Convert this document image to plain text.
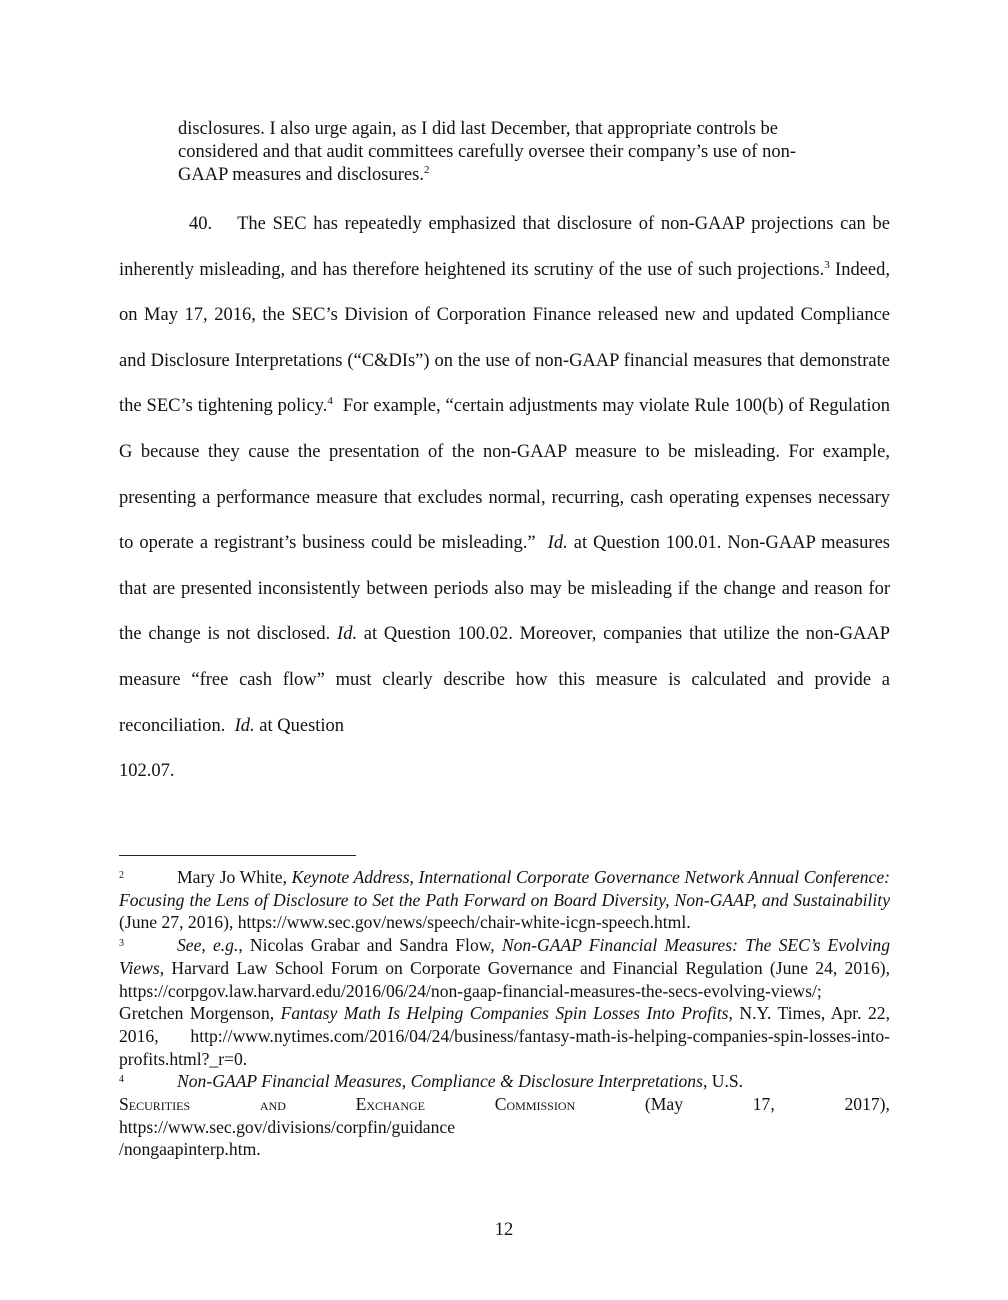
disclosures. I also urge again, as I did last December, that appropriate controls be considered and that audit committees carefully oversee their company’s use of non-GAAP measures and disclosures.$^2$
40. The SEC has repeatedly emphasized that disclosure of non-GAAP projections can be inherently misleading, and has therefore heightened its scrutiny of the use of such projections.$^3$ Indeed, on May 17, 2016, the SEC’s Division of Corporation Finance released new and updated Compliance and Disclosure Interpretations (“C&DIs”) on the use of non-GAAP financial measures that demonstrate the SEC’s tightening policy.$^4$ For example, “certain adjustments may violate Rule 100(b) of Regulation G because they cause the presentation of the non-GAAP measure to be misleading. For example, presenting a performance measure that excludes normal, recurring, cash operating expenses necessary to operate a registrant’s business could be misleading.” Id. at Question 100.01. Non-GAAP measures that are presented inconsistently between periods also may be misleading if the change and reason for the change is not disclosed. Id. at Question 100.02. Moreover, companies that utilize the non-GAAP measure “free cash flow” must clearly describe how this measure is calculated and provide a reconciliation. Id. at Question
102.07.

2	Mary Jo White, Keynote Address, International Corporate Governance Network Annual Conference: Focusing the Lens of Disclosure to Set the Path Forward on Board Diversity, Non-GAAP, and Sustainability (June 27, 2016), https://www.sec.gov/news/speech/chair-white-icgn-speech.html.

3	See, e.g., Nicolas Grabar and Sandra Flow, Non-GAAP Financial Measures: The SEC’s Evolving Views, Harvard Law School Forum on Corporate Governance and Financial Regulation (June 24, 2016), https://corpgov.law.harvard.edu/2016/06/24/non-gaap-financial-measures-the-secs-evolving-views/; Gretchen Morgenson, Fantasy Math Is Helping Companies Spin Losses Into Profits, N.Y. Times, Apr. 22, 2016, http://www.nytimes.com/2016/04/24/business/fantasy-math-is-helping-companies-spin-losses-into-profits.html?_r=0.

4	Non-GAAP Financial Measures, Compliance & Disclosure Interpretations, U.S.
Securities	and	Exchange	Commission	(May	17,	2017),
https://www.sec.gov/divisions/corpfin/guidance
/nongaapinterp.htm.
12
